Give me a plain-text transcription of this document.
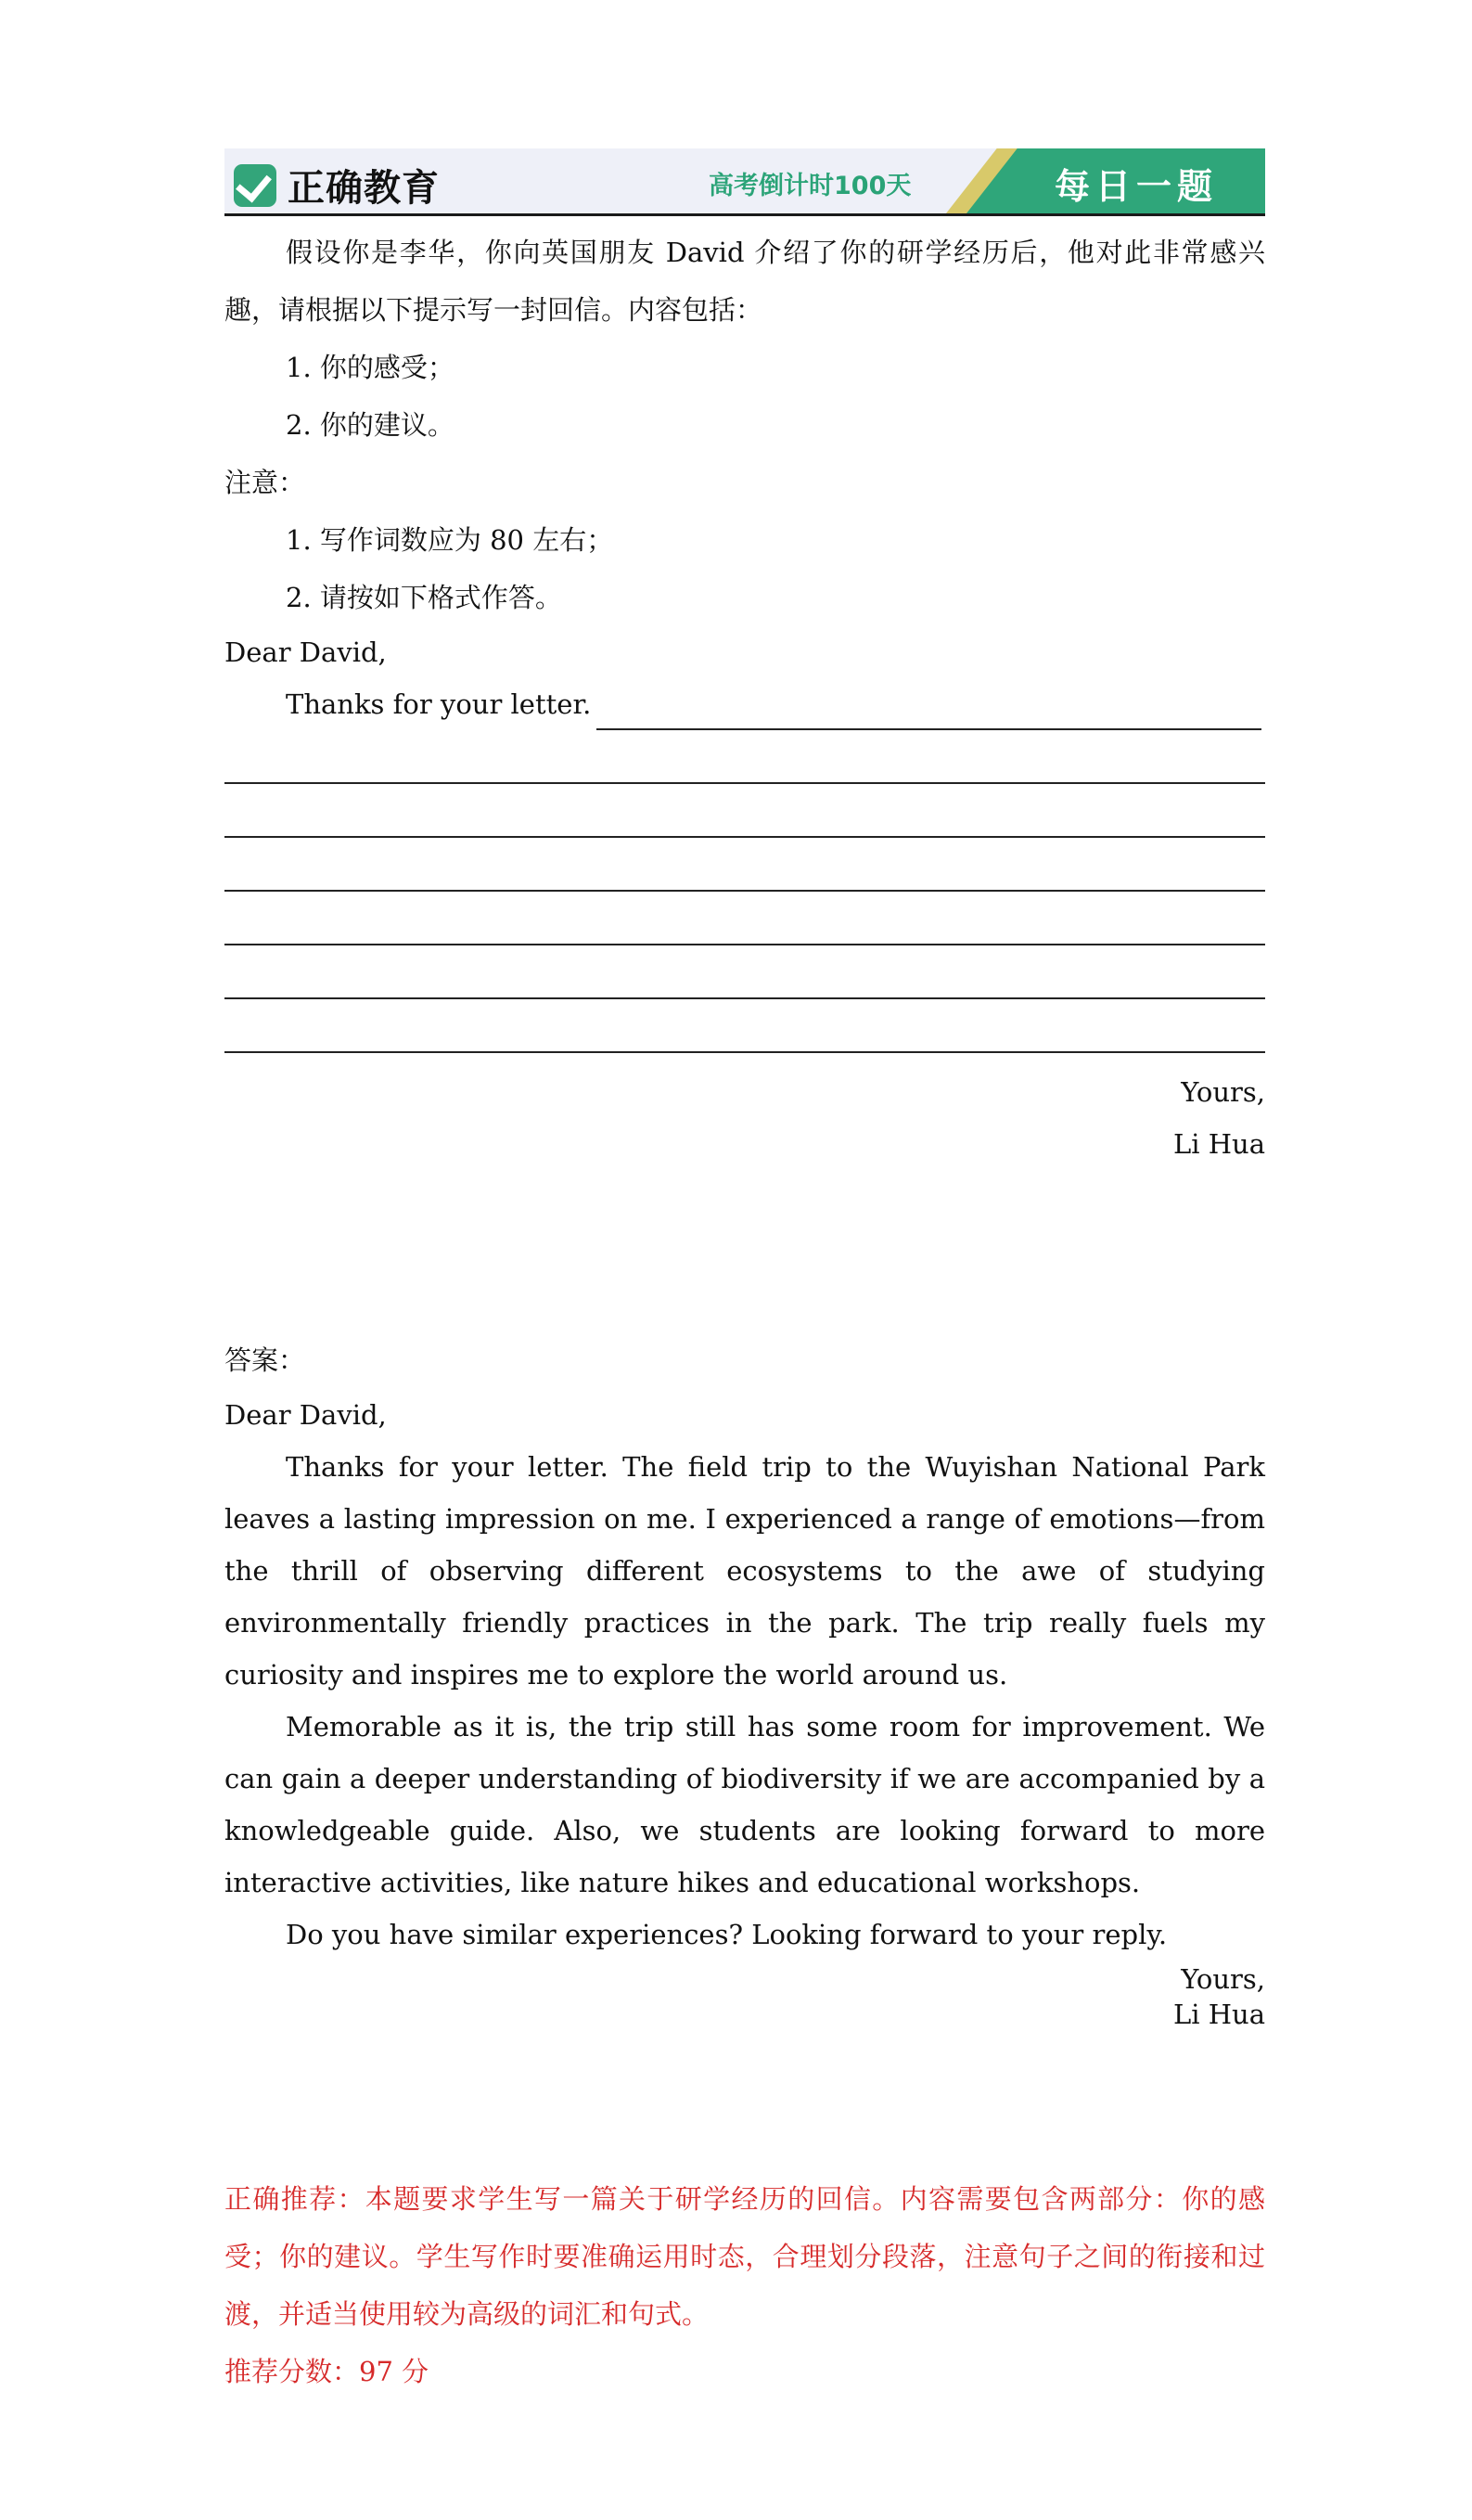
正确教育	高考倒计时100天	每日一题

假设你是李华，你向英国朋友 David 介绍了你的研学经历后，他对此非常感兴趣，请根据以下提示写一封回信。内容包括：

1. 你的感受；

2. 你的建议。

注意：

1. 写作词数应为 80 左右；

2. 请按如下格式作答。

Dear David,

Thanks for your letter.

Yours,

Li Hua

答案：

Dear David,

Thanks for your letter. The field trip to the Wuyishan National Park leaves a lasting impression on me. I experienced a range of emotions—from the thrill of observing different ecosystems to the awe of studying environmentally friendly practices in the park. The trip really fuels my curiosity and inspires me to explore the world around us.

Memorable as it is, the trip still has some room for improvement. We can gain a deeper understanding of biodiversity if we are accompanied by a knowledgeable guide. Also, we students are looking forward to more interactive activities, like nature hikes and educational workshops.

Do you have similar experiences? Looking forward to your reply.

Yours,

Li Hua

正确推荐：本题要求学生写一篇关于研学经历的回信。内容需要包含两部分：你的感受；你的建议。学生写作时要准确运用时态，合理划分段落，注意句子之间的衔接和过渡，并适当使用较为高级的词汇和句式。

推荐分数：97 分
